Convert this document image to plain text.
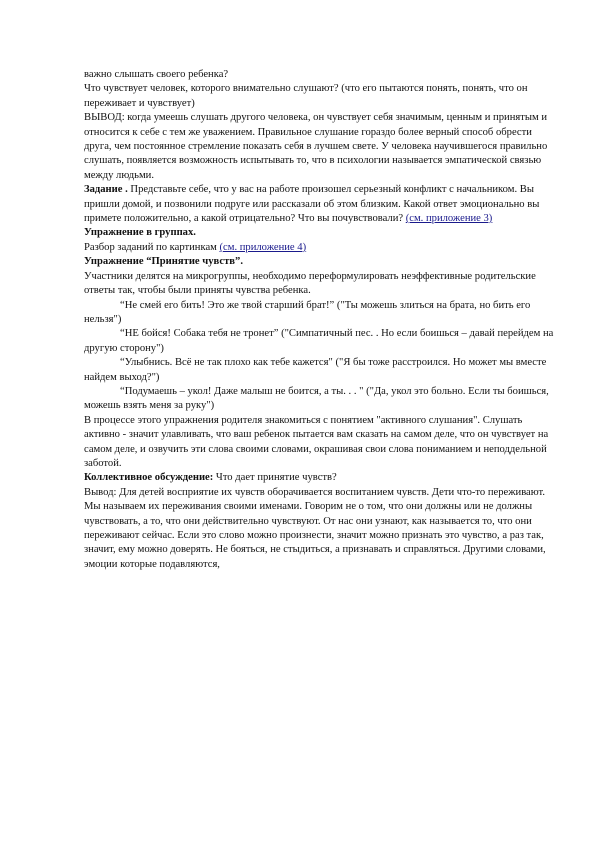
важно слышать своего ребенка?

Что чувствует человек, которого внимательно слушают? (что его пытаются понять, понять, что он переживает и чувствует)

ВЫВОД: когда умеешь слушать другого человека, он чувствует себя значимым, ценным и принятым и относится к себе с тем же уважением. Правильное слушание гораздо более верный способ обрести друга, чем постоянное стремление показать себя в лучшем свете. У человека научившегося правильно слушать, появляется возможность испытывать то, что в психологии называется эмпатической связью между людьми.

Задание . Представьте себе, что у вас на работе произошел серьезный конфликт с начальником. Вы пришли домой, и позвонили подруге или рассказали об этом близким. Какой ответ эмоционально вы примете положительно, а какой отрицательно? Что вы почувствовали? (см. приложение 3)

Упражнение в группах.

Разбор заданий по картинкам (см. приложение 4)

Упражнение “Принятие чувств”.

Участники делятся на микрогруппы, необходимо переформулировать неэффективные родительские ответы так, чтобы были приняты чувства ребенка.

“Не смей его бить! Это же твой старший брат!” ("Ты можешь злиться на брата, но бить его нельзя")

“НЕ бойся! Собака тебя не тронет” ("Симпатичный пес. . Но если боишься – давай перейдем на другую сторону")

“Улыбнись. Всё не так плохо как тебе кажется" ("Я бы тоже расстроился. Но может мы вместе найдем выход?")

“Подумаешь – укол! Даже малыш не боится, а ты. . . " ("Да, укол это больно. Если ты боишься, можешь взять меня за руку")

В процессе этого упражнения родителя знакомиться с понятием "активного слушания". Слушать активно - значит улавливать, что ваш ребенок пытается вам сказать на самом деле, что он чувствует на самом деле, и озвучить эти слова своими словами, окрашивая свои слова пониманием и неподдельной заботой.

Коллективное обсуждение: Что дает принятие чувств?

Вывод: Для детей восприятие их чувств оборачивается воспитанием чувств. Дети что-то переживают. Мы называем их переживания своими именами. Говорим не о том, что они должны или не должны чувствовать, а то, что они действительно чувствуют. От нас они узнают, как называется то, что они переживают сейчас. Если это слово можно произнести, значит можно признать это чувство, а раз так, значит, ему можно доверять. Не бояться, не стыдиться, а признавать и справляться. Другими словами, эмоции которые подавляются,
